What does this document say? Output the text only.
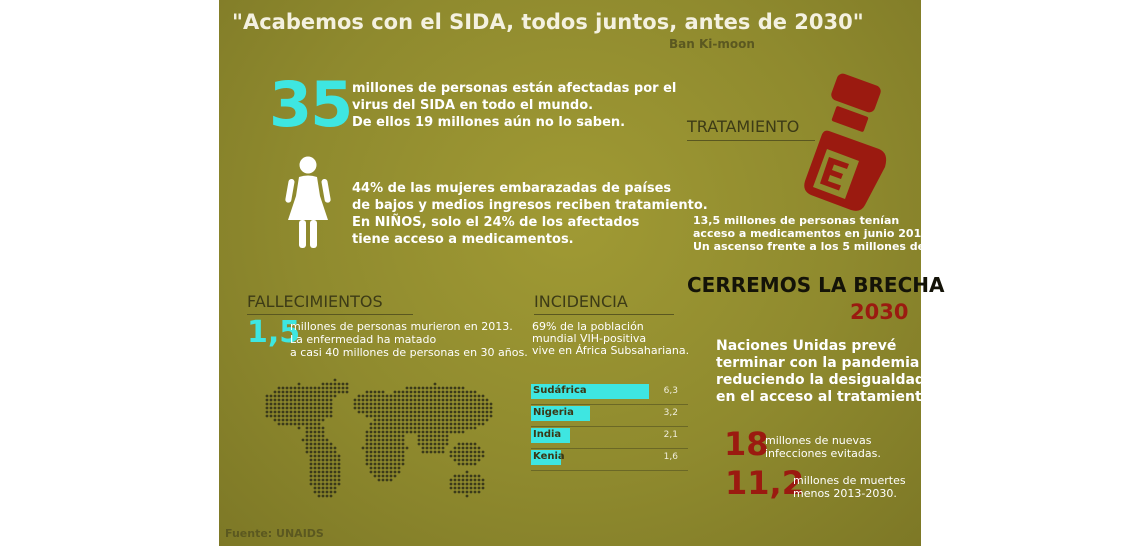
"Acabemos con el SIDA, todos juntos, antes de 2030"
Ban Ki-moon
35 millones de personas están afectadas por el
virus del SIDA en todo el mundo.
De ellos 19 millones aún no lo saben.
44% de las mujeres embarazadas de países
de bajos y medios ingresos reciben tratamiento.
En NIÑOS, solo el 24% de los afectados
tiene acceso a medicamentos.
TRATAMIENTO
13,5 millones de personas tenían
acceso a medicamentos en junio 2014.
Un ascenso frente a los 5 millones de 2010.
FALLECIMIENTOS
1,5
millones de personas murieron en 2013.
La enfermedad ha matado
a casi 40 millones de personas en 30 años.
INCIDENCIA
69% de la población
mundial VIH-positiva
vive en África Subsahariana.
Sudáfrica	6,3
Nigeria	3,2
India	2,1
Kenia	1,6
CERREMOS LA BRECHA
2030
Naciones Unidas prevé
terminar con la pandemia
reduciendo la desigualdad
en el acceso al tratamiento.
18
millones de nuevas
infecciones evitadas.
11,2
millones de muertes
menos 2013-2030.
Fuente: UNAIDS
